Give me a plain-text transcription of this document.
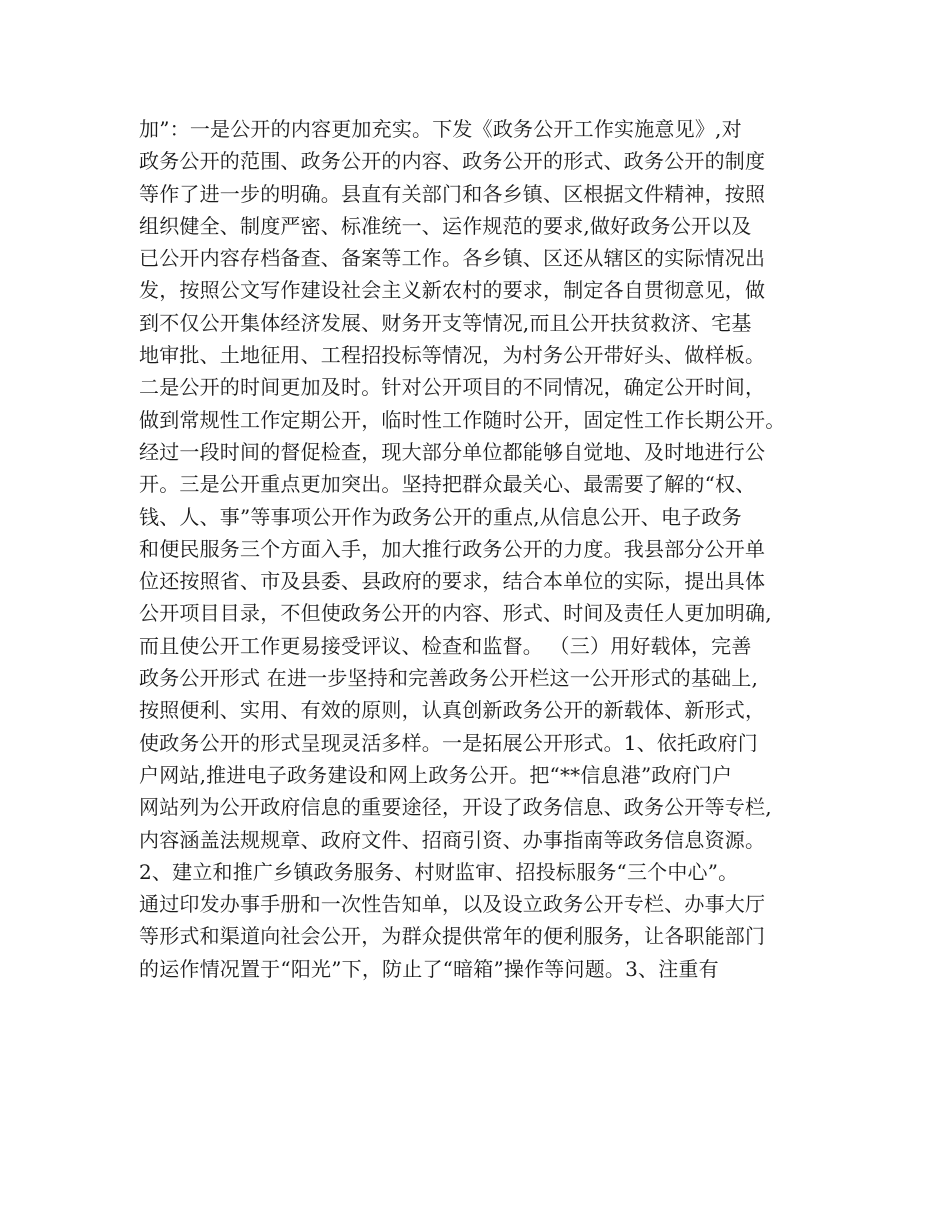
加”：一是公开的内容更加充实。下发《政务公开工作实施意见》,对
政务公开的范围、政务公开的内容、政务公开的形式、政务公开的制度
等作了进一步的明确。县直有关部门和各乡镇、区根据文件精神，按照
组织健全、制度严密、标准统一、运作规范的要求,做好政务公开以及
已公开内容存档备查、备案等工作。各乡镇、区还从辖区的实际情况出
发，按照公文写作建设社会主义新农村的要求，制定各自贯彻意见，做
到不仅公开集体经济发展、财务开支等情况,而且公开扶贫救济、宅基
地审批、土地征用、工程招投标等情况，为村务公开带好头、做样板。
二是公开的时间更加及时。针对公开项目的不同情况，确定公开时间，
做到常规性工作定期公开，临时性工作随时公开，固定性工作长期公开。
经过一段时间的督促检查，现大部分单位都能够自觉地、及时地进行公
开。三是公开重点更加突出。坚持把群众最关心、最需要了解的“权、
钱、人、事”等事项公开作为政务公开的重点,从信息公开、电子政务
和便民服务三个方面入手，加大推行政务公开的力度。我县部分公开单
位还按照省、市及县委、县政府的要求，结合本单位的实际，提出具体
公开项目目录，不但使政务公开的内容、形式、时间及责任人更加明确,
而且使公开工作更易接受评议、检查和监督。 （三）用好载体，完善
政务公开形式 在进一步坚持和完善政务公开栏这一公开形式的基础上,
按照便利、实用、有效的原则，认真创新政务公开的新载体、新形式，
使政务公开的形式呈现灵活多样。一是拓展公开形式。1、依托政府门
户网站,推进电子政务建设和网上政务公开。把“**信息港”政府门户
网站列为公开政府信息的重要途径，开设了政务信息、政务公开等专栏,
内容涵盖法规规章、政府文件、招商引资、办事指南等政务信息资源。
2、建立和推广乡镇政务服务、村财监审、招投标服务“三个中心”。
通过印发办事手册和一次性告知单，以及设立政务公开专栏、办事大厅
等形式和渠道向社会公开，为群众提供常年的便利服务，让各职能部门
的运作情况置于“阳光”下，防止了“暗箱”操作等问题。3、注重有
